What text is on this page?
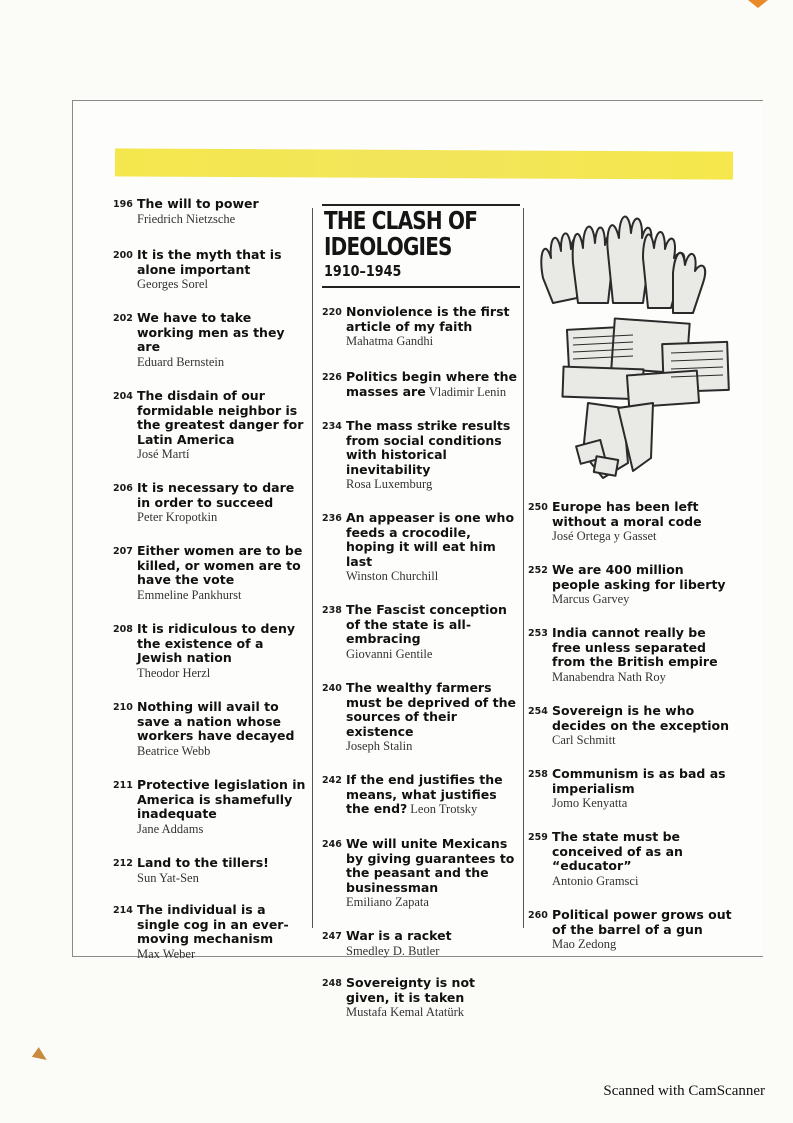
196 The will to power
Friedrich Nietzsche
200 It is the myth that is alone important
Georges Sorel
202 We have to take working men as they are
Eduard Bernstein
204 The disdain of our formidable neighbor is the greatest danger for Latin America
José Martí
206 It is necessary to dare in order to succeed
Peter Kropotkin
207 Either women are to be killed, or women are to have the vote
Emmeline Pankhurst
208 It is ridiculous to deny the existence of a Jewish nation
Theodor Herzl
210 Nothing will avail to save a nation whose workers have decayed
Beatrice Webb
211 Protective legislation in America is shamefully inadequate
Jane Addams
212 Land to the tillers!
Sun Yat-Sen
214 The individual is a single cog in an ever-moving mechanism
Max Weber
THE CLASH OF
IDEOLOGIES
1910–1945
220 Nonviolence is the first article of my faith
Mahatma Gandhi
226 Politics begin where the masses are Vladimir Lenin
234 The mass strike results from social conditions with historical inevitability
Rosa Luxemburg
236 An appeaser is one who feeds a crocodile, hoping it will eat him last
Winston Churchill
238 The Fascist conception of the state is all-embracing
Giovanni Gentile
240 The wealthy farmers must be deprived of the sources of their existence
Joseph Stalin
242 If the end justifies the means, what justifies the end? Leon Trotsky
246 We will unite Mexicans by giving guarantees to the peasant and the businessman
Emiliano Zapata
247 War is a racket
Smedley D. Butler
248 Sovereignty is not given, it is taken
Mustafa Kemal Atatürk
250 Europe has been left without a moral code
José Ortega y Gasset
252 We are 400 million people asking for liberty
Marcus Garvey
253 India cannot really be free unless separated from the British empire
Manabendra Nath Roy
254 Sovereign is he who decides on the exception
Carl Schmitt
258 Communism is as bad as imperialism
Jomo Kenyatta
259 The state must be conceived of as an “educator”
Antonio Gramsci
260 Political power grows out of the barrel of a gun
Mao Zedong
Scanned with CamScanner
